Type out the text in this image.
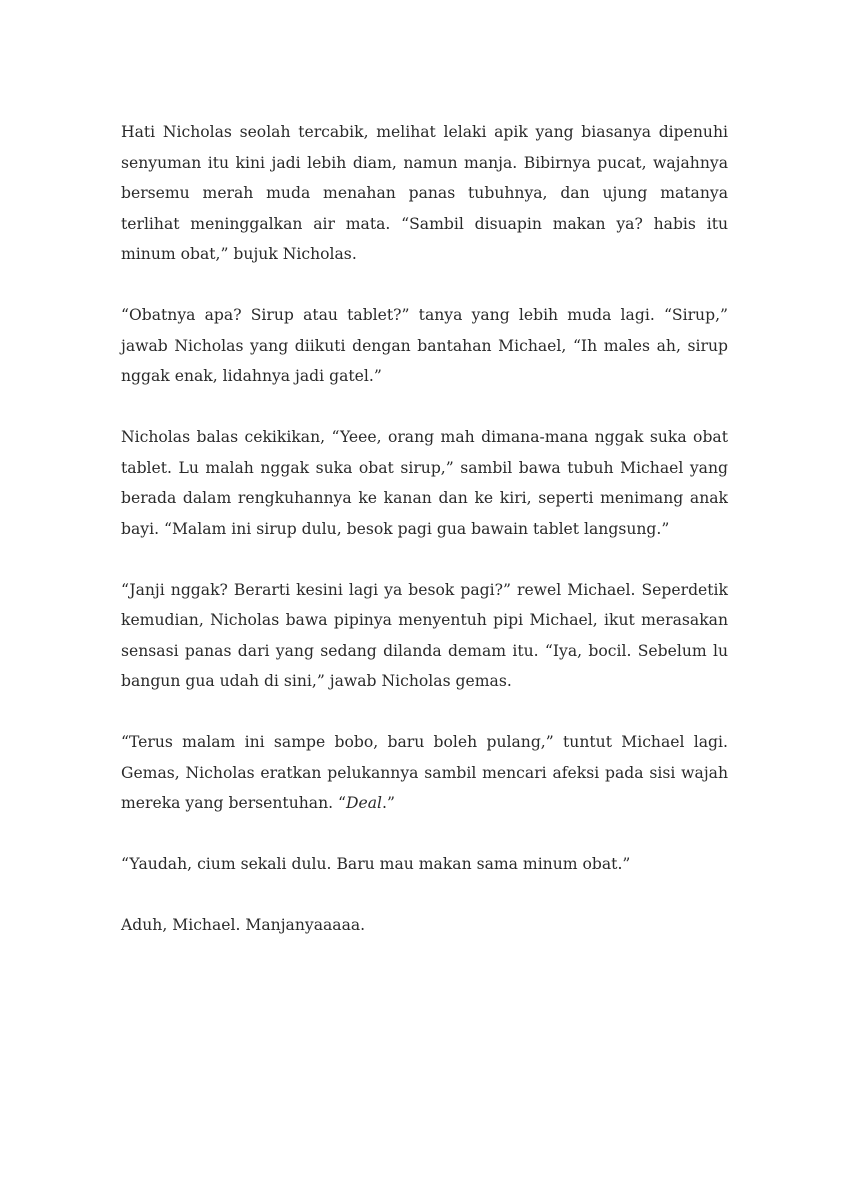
Hati Nicholas seolah tercabik, melihat lelaki apik yang biasanya dipenuhi senyuman itu kini jadi lebih diam, namun manja. Bibirnya pucat, wajahnya bersemu merah muda menahan panas tubuhnya, dan ujung matanya terlihat meninggalkan air mata. “Sambil disuapin makan ya? habis itu minum obat,” bujuk Nicholas.

“Obatnya apa? Sirup atau tablet?” tanya yang lebih muda lagi. “Sirup,” jawab Nicholas yang diikuti dengan bantahan Michael, “Ih males ah, sirup nggak enak, lidahnya jadi gatel.”

Nicholas balas cekikikan, “Yeee, orang mah dimana-mana nggak suka obat tablet. Lu malah nggak suka obat sirup,” sambil bawa tubuh Michael yang berada dalam rengkuhannya ke kanan dan ke kiri, seperti menimang anak bayi. “Malam ini sirup dulu, besok pagi gua bawain tablet langsung.”

“Janji nggak? Berarti kesini lagi ya besok pagi?” rewel Michael. Seperdetik kemudian, Nicholas bawa pipinya menyentuh pipi Michael, ikut merasakan sensasi panas dari yang sedang dilanda demam itu. “Iya, bocil. Sebelum lu bangun gua udah di sini,” jawab Nicholas gemas.

“Terus malam ini sampe bobo, baru boleh pulang,” tuntut Michael lagi. Gemas, Nicholas eratkan pelukannya sambil mencari afeksi pada sisi wajah mereka yang bersentuhan. “Deal.”

“Yaudah, cium sekali dulu. Baru mau makan sama minum obat.”

Aduh, Michael. Manjanyaaaaa.
